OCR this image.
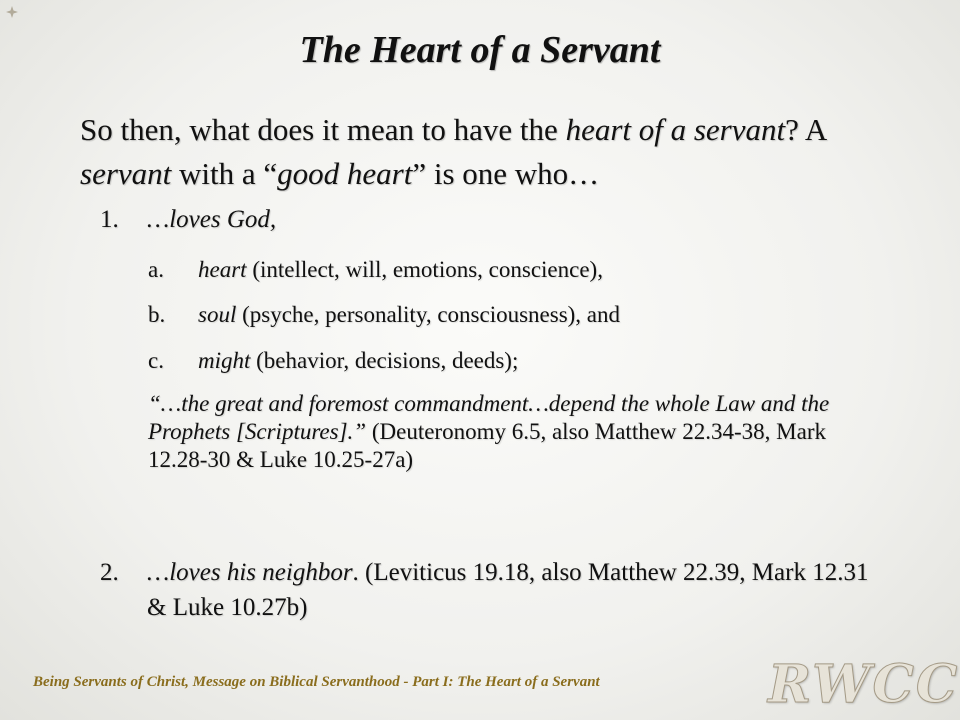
The Heart of a Servant
So then, what does it mean to have the heart of a servant? A servant with a “good heart” is one who…
1. …loves God,
a. heart (intellect, will, emotions, conscience),
b. soul (psyche, personality, consciousness), and
c. might (behavior, decisions, deeds);
“…the great and foremost commandment…depend the whole Law and the Prophets [Scriptures].” (Deuteronomy 6.5, also Matthew 22.34-38, Mark 12.28-30 & Luke 10.25-27a)
2. …loves his neighbor. (Leviticus 19.18, also Matthew 22.39, Mark 12.31 & Luke 10.27b)
Being Servants of Christ, Message on Biblical Servanthood - Part I: The Heart of a Servant	RWCC
